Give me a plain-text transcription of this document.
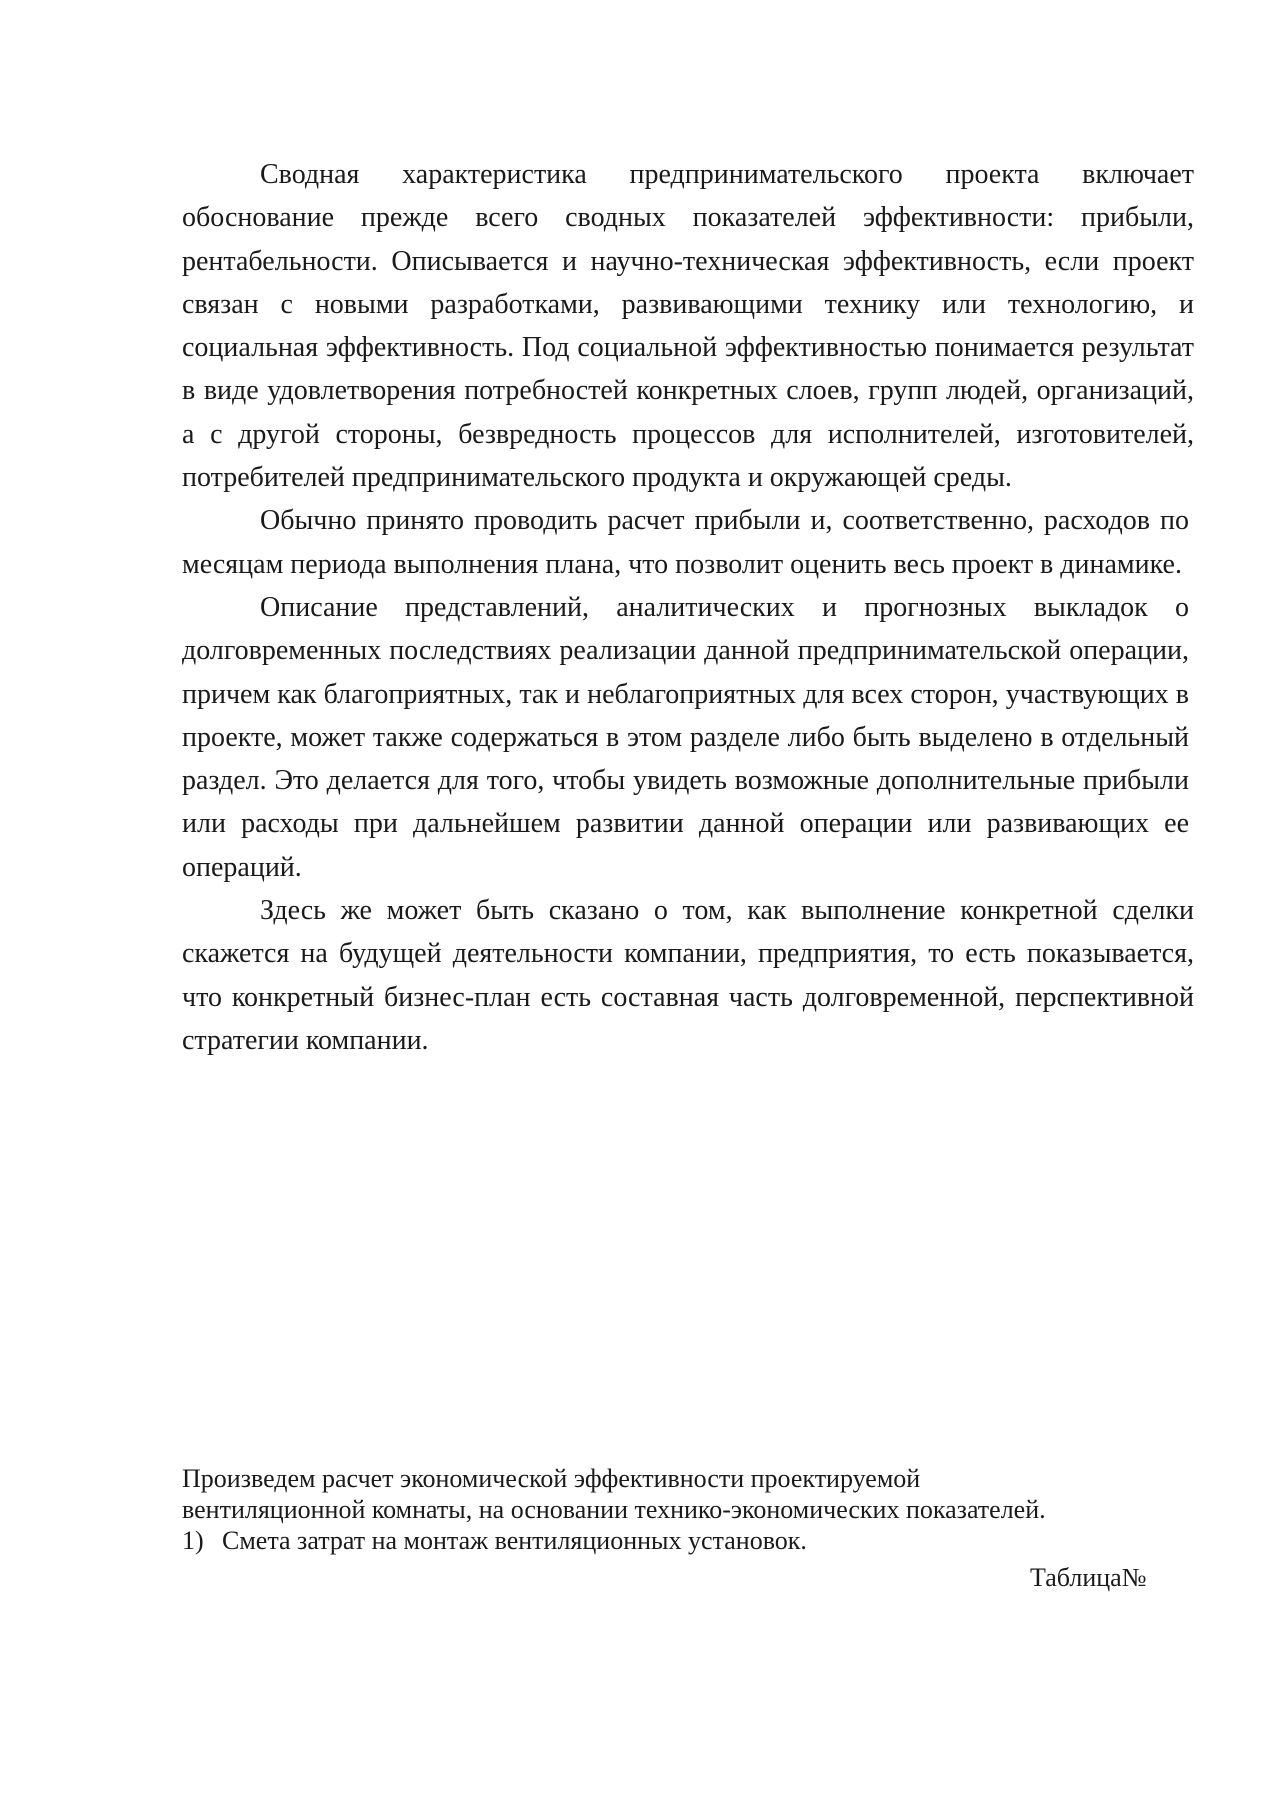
Сводная характеристика предпринимательского проекта включает обоснование прежде всего сводных показателей эффективности: прибыли, рентабельности. Описывается и научно-техническая эффективность, если проект связан с новыми разработками, развивающими технику или технологию, и социальная эффективность. Под социальной эффективностью понимается результат в виде удовлетворения потребностей конкретных слоев, групп людей, организаций, а с другой стороны, безвредность процессов для исполнителей, изготовителей, потребителей предпринимательского продукта и окружающей среды.

Обычно принято проводить расчет прибыли и, соответственно, расходов по месяцам периода выполнения плана, что позволит оценить весь проект в динамике.

Описание представлений, аналитических и прогнозных выкладок о долговременных последствиях реализации данной предпринимательской операции, причем как благоприятных, так и неблагоприятных для всех сторон, участвующих в проекте, может также содержаться в этом разделе либо быть выделено в отдельный раздел. Это делается для того, чтобы увидеть возможные дополнительные прибыли или расходы при дальнейшем развитии данной операции или развивающих ее операций.

Здесь же может быть сказано о том, как выполнение конкретной сделки скажется на будущей деятельности компании, предприятия, то есть показывается, что конкретный бизнес-план есть составная часть долговременной, перспективной стратегии компании.

Произведем расчет экономической эффективности проектируемой

вентиляционной комнаты, на основании технико-экономических показателей.

1) Смета затрат на монтаж вентиляционных установок.

Таблица№
